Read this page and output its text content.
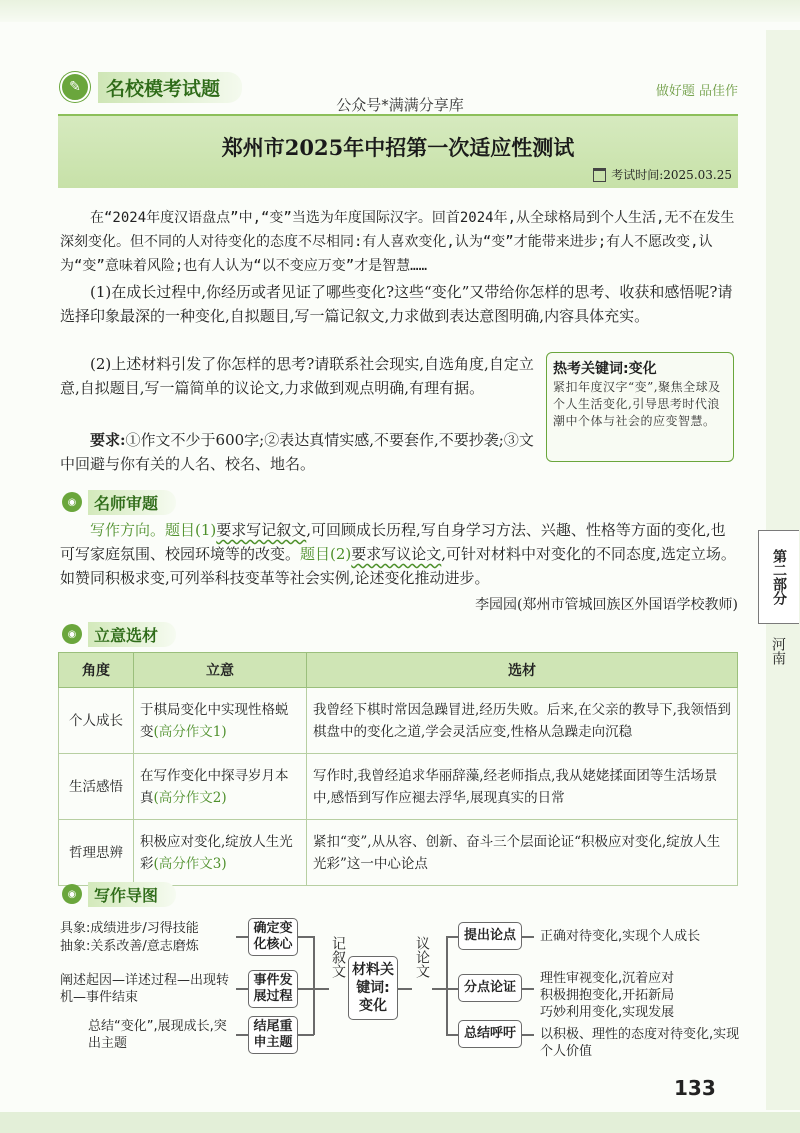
✎	名校模考试题	做好题 品佳作
公众号*满满分享库
郑州市2025年中招第一次适应性测试
考试时间:2025.03.25
在“2024年度汉语盘点”中,“变”当选为年度国际汉字。回首2024年,从全球格局到个人生活,无不在发生深刻变化。但不同的人对待变化的态度不尽相同:有人喜欢变化,认为“变”才能带来进步;有人不愿改变,认为“变”意味着风险;也有人认为“以不变应万变”才是智慧……
(1)在成长过程中,你经历或者见证了哪些变化?这些“变化”又带给你怎样的思考、收获和感悟呢?请选择印象最深的一种变化,自拟题目,写一篇记叙文,力求做到表达意图明确,内容具体充实。
(2)上述材料引发了你怎样的思考?请联系社会现实,自选角度,自定立意,自拟题目,写一篇简单的议论文,力求做到观点明确,有理有据。
要求:①作文不少于600字;②表达真情实感,不要套作,不要抄袭;③文中回避与你有关的人名、校名、地名。
热考关键词:变化
紧扣年度汉字“变”,聚焦全球及个人生活变化,引导思考时代浪潮中个体与社会的应变智慧。
◉	名师审题
写作方向。题目(1)要求写记叙文,可回顾成长历程,写自身学习方法、兴趣、性格等方面的变化,也可写家庭氛围、校园环境等的改变。题目(2)要求写议论文,可针对材料中对变化的不同态度,选定立场。如赞同积极求变,可列举科技变革等社会实例,论述变化推动进步。
李园园(郑州市管城回族区外国语学校教师)	第二部分
河南
◉	立意选材
角度	立意	选材
个人成长	于棋局变化中实现性格蜕变(高分作文1)	我曾经下棋时常因急躁冒进,经历失败。后来,在父亲的教导下,我领悟到棋盘中的变化之道,学会灵活应变,性格从急躁走向沉稳
生活感悟	在写作变化中探寻岁月本真(高分作文2)	写作时,我曾经追求华丽辞藻,经老师指点,我从姥姥揉面团等生活场景中,感悟到写作应褪去浮华,展现真实的日常
哲理思辨	积极应对变化,绽放人生光彩(高分作文3)	紧扣“变”,从从容、创新、奋斗三个层面论证“积极应对变化,绽放人生光彩”这一中心论点
◉	写作导图
具象:成绩进步/习得技能
抽象:关系改善/意志磨炼
阐述起因—详述过程—出现转机—事件结束
总结“变化”,展现成长,突出主题
确定变化核心
事件发展过程
结尾重申主题
记叙文 材料关键词:变化
议论文
提出论点
分点论证
总结呼吁
正确对待变化,实现个人成长
理性审视变化,沉着应对
积极拥抱变化,开拓新局
巧妙利用变化,实现发展
以积极、理性的态度对待变化,实现个人价值
133
